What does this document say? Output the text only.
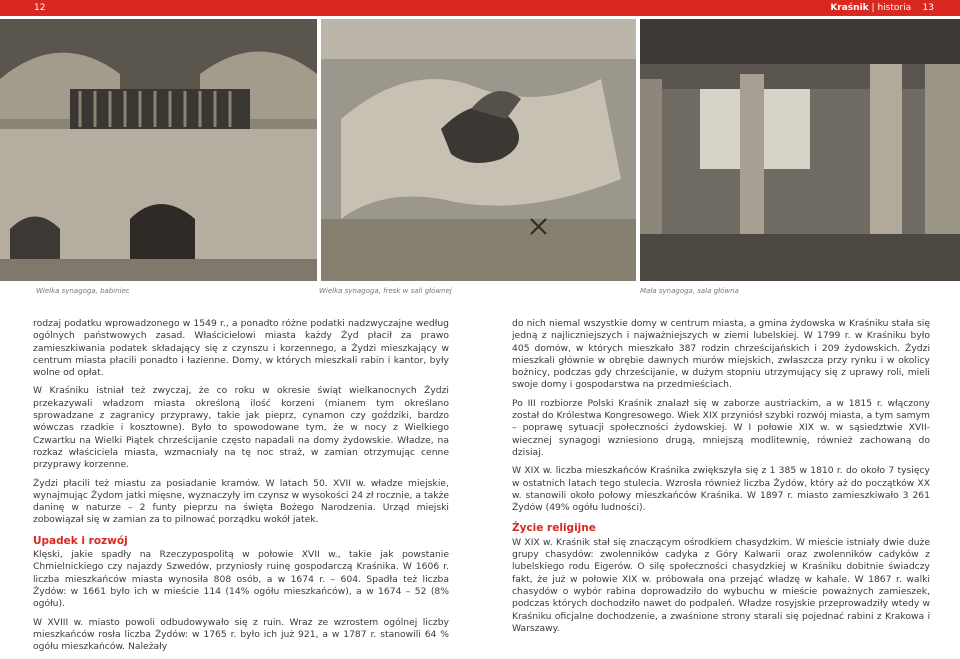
12	Kraśnik | historia 13
Wielka synagoga, babiniec	Wielka synagoga, fresk w sali głównej	Mała synagoga, sala główna

rodzaj podatku wprowadzonego w 1549 r., a ponadto różne podatki nadzwyczajne według ogólnych państwowych zasad. Właścicielowi miasta każdy Żyd płacił za prawo zamieszkiwania podatek składający się z czynszu i korzennego, a Żydzi mieszkający w centrum miasta płacili ponadto i łazienne. Domy, w których mieszkali rabin i kantor, były wolne od opłat.

W Kraśniku istniał też zwyczaj, że co roku w okresie świąt wielkanocnych Żydzi przekazywali władzom miasta określoną ilość korzeni (mianem tym określano sprowadzane z zagranicy przyprawy, takie jak pieprz, cynamon czy goździki, bardzo wówczas rzadkie i kosztowne). Było to spowodowane tym, że w nocy z Wielkiego Czwartku na Wielki Piątek chrześcijanie często napadali na domy żydowskie. Władze, na rozkaz właściciela miasta, wzmacniały na tę noc straż, w zamian otrzymując cenne przyprawy korzenne.

Żydzi płacili też miastu za posiadanie kramów. W latach 50. XVII w. władze miejskie, wynajmując Żydom jatki mięsne, wyznaczyły im czynsz w wysokości 24 zł rocznie, a także daninę w naturze – 2 funty pieprzu na święta Bożego Narodzenia. Urząd miejski zobowiązał się w zamian za to pilnować porządku wokół jatek.

Upadek i rozwój

Klęski, jakie spadły na Rzeczypospolitą w połowie XVII w., takie jak powstanie Chmielnickiego czy najazdy Szwedów, przyniosły ruinę gospodarczą Kraśnika. W 1606 r. liczba mieszkańców miasta wynosiła 808 osób, a w 1674 r. – 604. Spadła też liczba Żydów: w 1661 było ich w mieście 114 (14% ogółu mieszkańców), a w 1674 – 52 (8% ogółu).

W XVIII w. miasto powoli odbudowywało się z ruin. Wraz ze wzrostem ogólnej liczby mieszkańców rosła liczba Żydów: w 1765 r. było ich już 921, a w 1787 r. stanowili 64 % ogółu mieszkańców. Należały

do nich niemal wszystkie domy w centrum miasta, a gmina żydowska w Kraśniku stała się jedną z najliczniejszych i najważniejszych w ziemi lubelskiej. W 1799 r. w Kraśniku było 405 domów, w których mieszkało 387 rodzin chrześcijańskich i 209 żydowskich. Żydzi mieszkali głównie w obrębie dawnych murów miejskich, zwłaszcza przy rynku i w okolicy bożnicy, podczas gdy chrześcijanie, w dużym stopniu utrzymujący się z uprawy roli, mieli swoje domy i gospodarstwa na przedmieściach.

Po III rozbiorze Polski Kraśnik znalazł się w zaborze austriackim, a w 1815 r. włączony został do Królestwa Kongresowego. Wiek XIX przyniósł szybki rozwój miasta, a tym samym – poprawę sytuacji społeczności żydowskiej. W I połowie XIX w. w sąsiedztwie XVII-wiecznej synagogi wzniesiono drugą, mniejszą modlitewnię, również zachowaną do dzisiaj.

W XIX w. liczba mieszkańców Kraśnika zwiększyła się z 1 385 w 1810 r. do około 7 tysięcy w ostatnich latach tego stulecia. Wzrosła również liczba Żydów, który aż do początków XX w. stanowili około połowy mieszkańców Kraśnika. W 1897 r. miasto zamieszkiwało 3 261 Żydów (49% ogółu ludności).

Życie religijne

W XIX w. Kraśnik stał się znaczącym ośrodkiem chasydzkim. W mieście istniały dwie duże grupy chasydów: zwolenników cadyka z Góry Kalwarii oraz zwolenników cadyków z lubelskiego rodu Eigerów. O silę społeczności chasydzkiej w Kraśniku dobitnie świadczy fakt, że już w połowie XIX w. próbowała ona przejąć władzę w kahale. W 1867 r. walki chasydów o wybór rabina doprowadziło do wybuchu w mieście poważnych zamieszek, podczas których dochodziło nawet do podpaleń. Władze rosyjskie przeprowadziły wtedy w Kraśniku oficjalne dochodzenie, a zwaśnione strony starali się pojednać rabini z Krakowa i Warszawy.
